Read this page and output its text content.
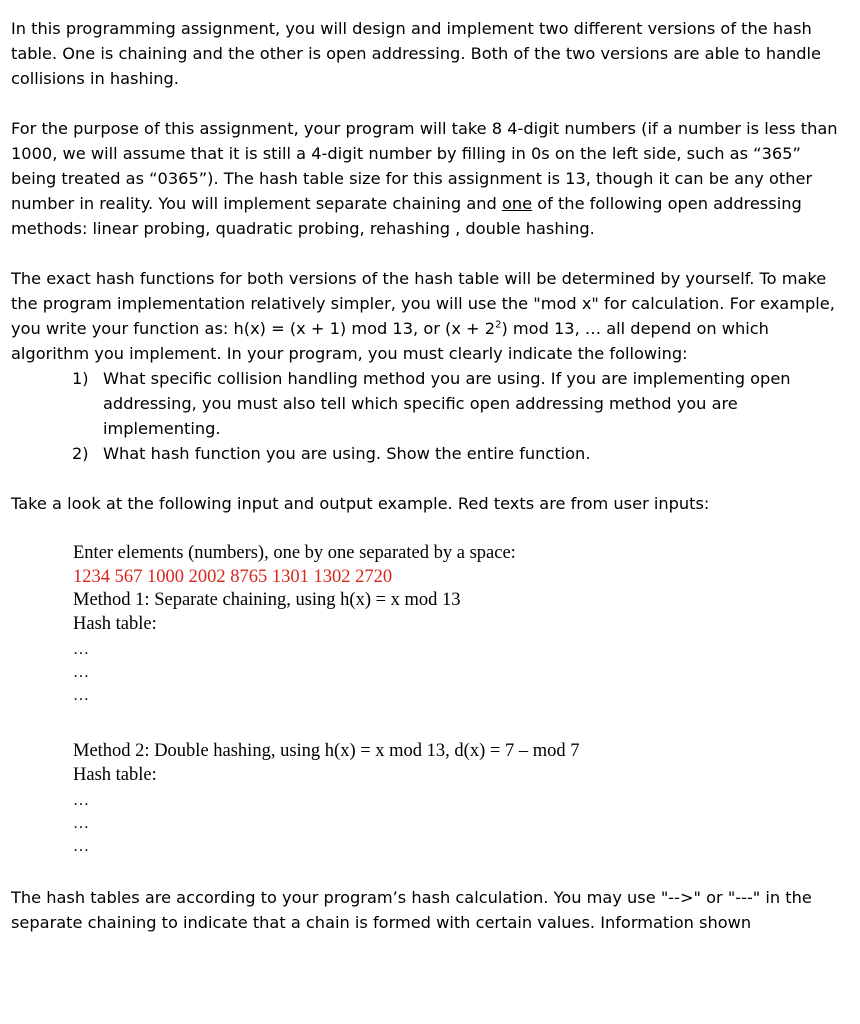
In this programming assignment, you will design and implement two different versions of the hash table. One is chaining and the other is open addressing. Both of the two versions are able to handle collisions in hashing.

For the purpose of this assignment, your program will take 8 4-digit numbers (if a number is less than 1000, we will assume that it is still a 4-digit number by filling in 0s on the left side, such as “365” being treated as “0365”). The hash table size for this assignment is 13, though it can be any other number in reality. You will implement separate chaining and one of the following open addressing methods: linear probing, quadratic probing, rehashing , double hashing.

The exact hash functions for both versions of the hash table will be determined by yourself. To make the program implementation relatively simpler, you will use the "mod x" for calculation. For example, you write your function as: h(x) = (x + 1) mod 13, or $(x + 2^2)$ mod 13, … all depend on which algorithm you implement. In your program, you must clearly indicate the following:

1) What specific collision handling method you are using. If you are implementing open addressing, you must also tell which specific open addressing method you are implementing.
2) What hash function you are using. Show the entire function.

Take a look at the following input and output example. Red texts are from user inputs:

Enter elements (numbers), one by one separated by a space:
1234 567 1000 2002 8765 1301 1302 2720
Method 1: Separate chaining, using h(x) = x mod 13
Hash table:
…
…
…
Method 2: Double hashing, using h(x) = x mod 13, d(x) = 7 – mod 7
Hash table:
…
…
…

The hash tables are according to your program’s hash calculation. You may use "-->" or "---" in the separate chaining to indicate that a chain is formed with certain values. Information shown
